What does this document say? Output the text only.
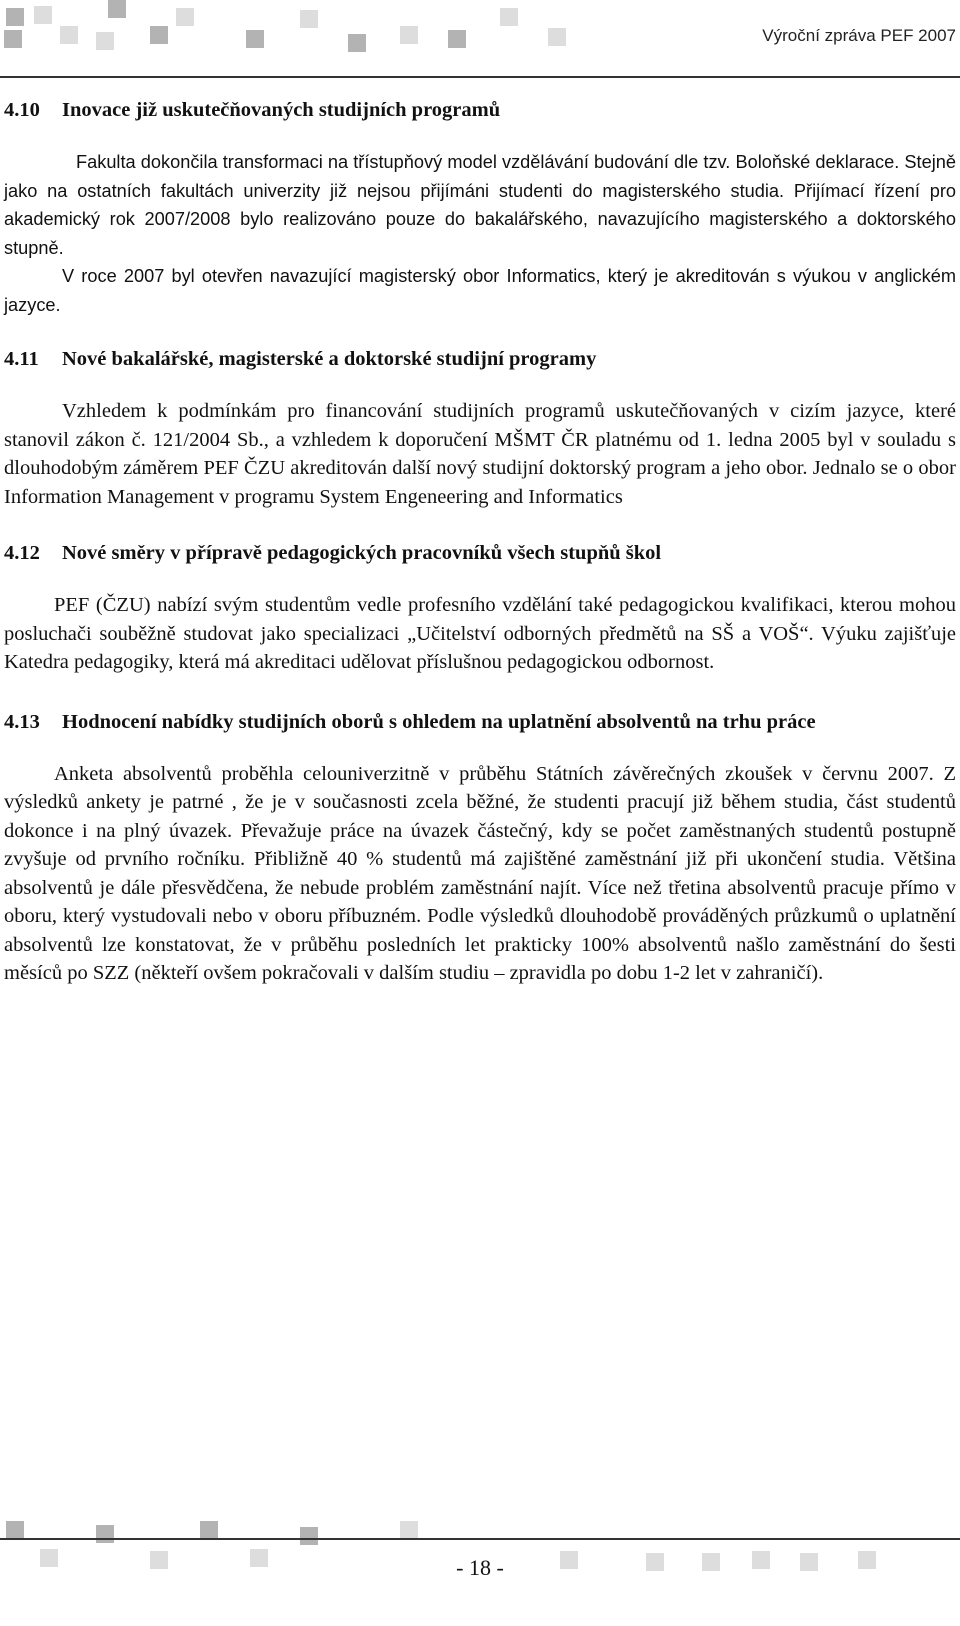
Výroční zpráva PEF 2007
4.10	Inovace již uskutečňovaných studijních programů

Fakulta dokončila transformaci na třístupňový model vzdělávání budování dle tzv. Boloňské deklarace. Stejně jako na ostatních fakultách univerzity již nejsou přijímáni studenti do magisterského studia. Přijímací řízení pro akademický rok 2007/2008 bylo realizováno pouze do bakalářského, navazujícího magisterského a doktorského stupně.

V roce 2007 byl otevřen navazující magisterský obor Informatics, který je akreditován s výukou v anglickém jazyce.

4.11	Nové bakalářské, magisterské a doktorské studijní programy

Vzhledem k podmínkám pro financování studijních programů uskutečňovaných v cizím jazyce, které stanovil zákon č. 121/2004 Sb., a vzhledem k doporučení MŠMT ČR platnému od 1. ledna 2005 byl v souladu s dlouhodobým záměrem PEF ČZU akreditován další nový studijní doktorský program a jeho obor. Jednalo se o obor Information Management v programu System Engeneering and Informatics

4.12	Nové směry v přípravě pedagogických pracovníků všech stupňů škol

PEF (ČZU) nabízí svým studentům vedle profesního vzdělání také pedagogickou kvalifikaci, kterou mohou posluchači souběžně studovat jako specializaci „Učitelství odborných předmětů na SŠ a VOŠ“. Výuku zajišťuje Katedra pedagogiky, která má akreditaci udělovat příslušnou pedagogickou odbornost.

4.13	Hodnocení nabídky studijních oborů s ohledem na uplatnění absolventů na trhu práce

Anketa absolventů proběhla celouniverzitně v průběhu Státních závěrečných zkoušek v červnu 2007. Z výsledků ankety je patrné , že je v současnosti zcela běžné, že studenti pracují již během studia, část studentů dokonce i na plný úvazek. Převažuje práce na úvazek částečný, kdy se počet zaměstnaných studentů postupně zvyšuje od prvního ročníku. Přibližně 40 % studentů má zajištěné zaměstnání již při ukončení studia. Většina absolventů je dále přesvědčena, že nebude problém zaměstnání najít. Více než třetina absolventů pracuje přímo v oboru, který vystudovali nebo v oboru příbuzném. Podle výsledků dlouhodobě prováděných průzkumů o uplatnění absolventů lze konstatovat, že v průběhu posledních let prakticky 100% absolventů našlo zaměstnání do šesti měsíců po SZZ (někteří ovšem pokračovali v dalším studiu – zpravidla po dobu 1-2 let v zahraničí).

- 18 -
